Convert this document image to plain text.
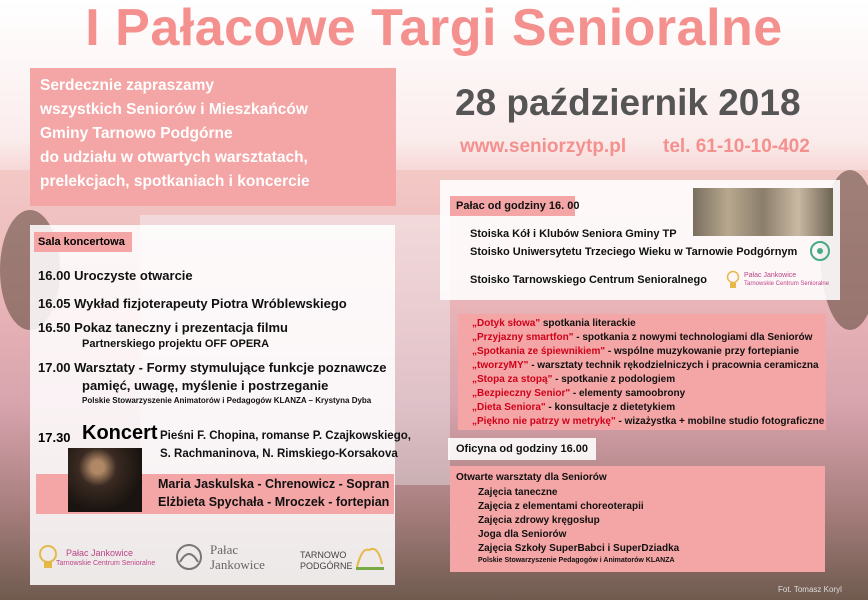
I Pałacowe Targi Senioralne
Serdecznie zapraszamy
wszystkich Seniorów i Mieszkańców
Gminy Tarnowo Podgórne
do udziału w otwartych warsztatach,
prelekcjach, spotkaniach i koncercie
28 październik 2018
www.seniorzytp.pl tel. 61-10-10-402
Sala koncertowa
16.00 Uroczyste otwarcie
16.05 Wykład fizjoterapeuty Piotra Wróblewskiego
16.50 Pokaz taneczny i prezentacja filmu
Partnerskiego projektu OFF OPERA
17.00 Warsztaty - Formy stymulujące funkcje poznawcze
pamięć, uwagę, myślenie i postrzeganie
Polskie Stowarzyszenie Animatorów i Pedagogów KLANZA – Krystyna Dyba
17.30 Koncert Pieśni F. Chopina, romanse P. Czajkowskiego,
S. Rachmaninova, N. Rimskiego-Korsakova
Maria Jaskulska - Chrenowicz - Sopran
Elżbieta Spychała - Mroczek - fortepian
Pałac Jankowice
Tarnowskie Centrum Senioralne
Pałac
Jankowice
TARNOWO
PODGÓRNE
Pałac od godziny 16. 00
Stoiska Kół i Klubów Seniora Gminy TP
Stoisko Uniwersytetu Trzeciego Wieku w Tarnowie Podgórnym
Stoisko Tarnowskiego Centrum Senioralnego	Pałac Jankowice
Tarnowskie Centrum Senioralne
„Dotyk słowa" spotkania literackie
„Przyjazny smartfon" - spotkania z nowymi technologiami dla Seniorów
„Spotkania ze śpiewnikiem" - wspólne muzykowanie przy fortepianie
„tworzyMY" - warsztaty technik rękodzielniczych i pracownia ceramiczna
„Stopa za stopą" - spotkanie z podologiem
„Bezpieczny Senior" - elementy samoobrony
„Dieta Seniora" - konsultacje z dietetykiem
„Piękno nie patrzy w metrykę" - wizażystka + mobilne studio fotograficzne
Oficyna od godziny 16.00
Otwarte warsztaty dla Seniorów
Zajęcia taneczne
Zajęcia z elementami choreoterapii
Zajęcia zdrowy kręgosłup
Joga dla Seniorów
Zajęcia Szkoły SuperBabci i SuperDziadka
Polskie Stowarzyszenie Pedagogów i Animatorów KLANZA
Fot. Tomasz Koryl
